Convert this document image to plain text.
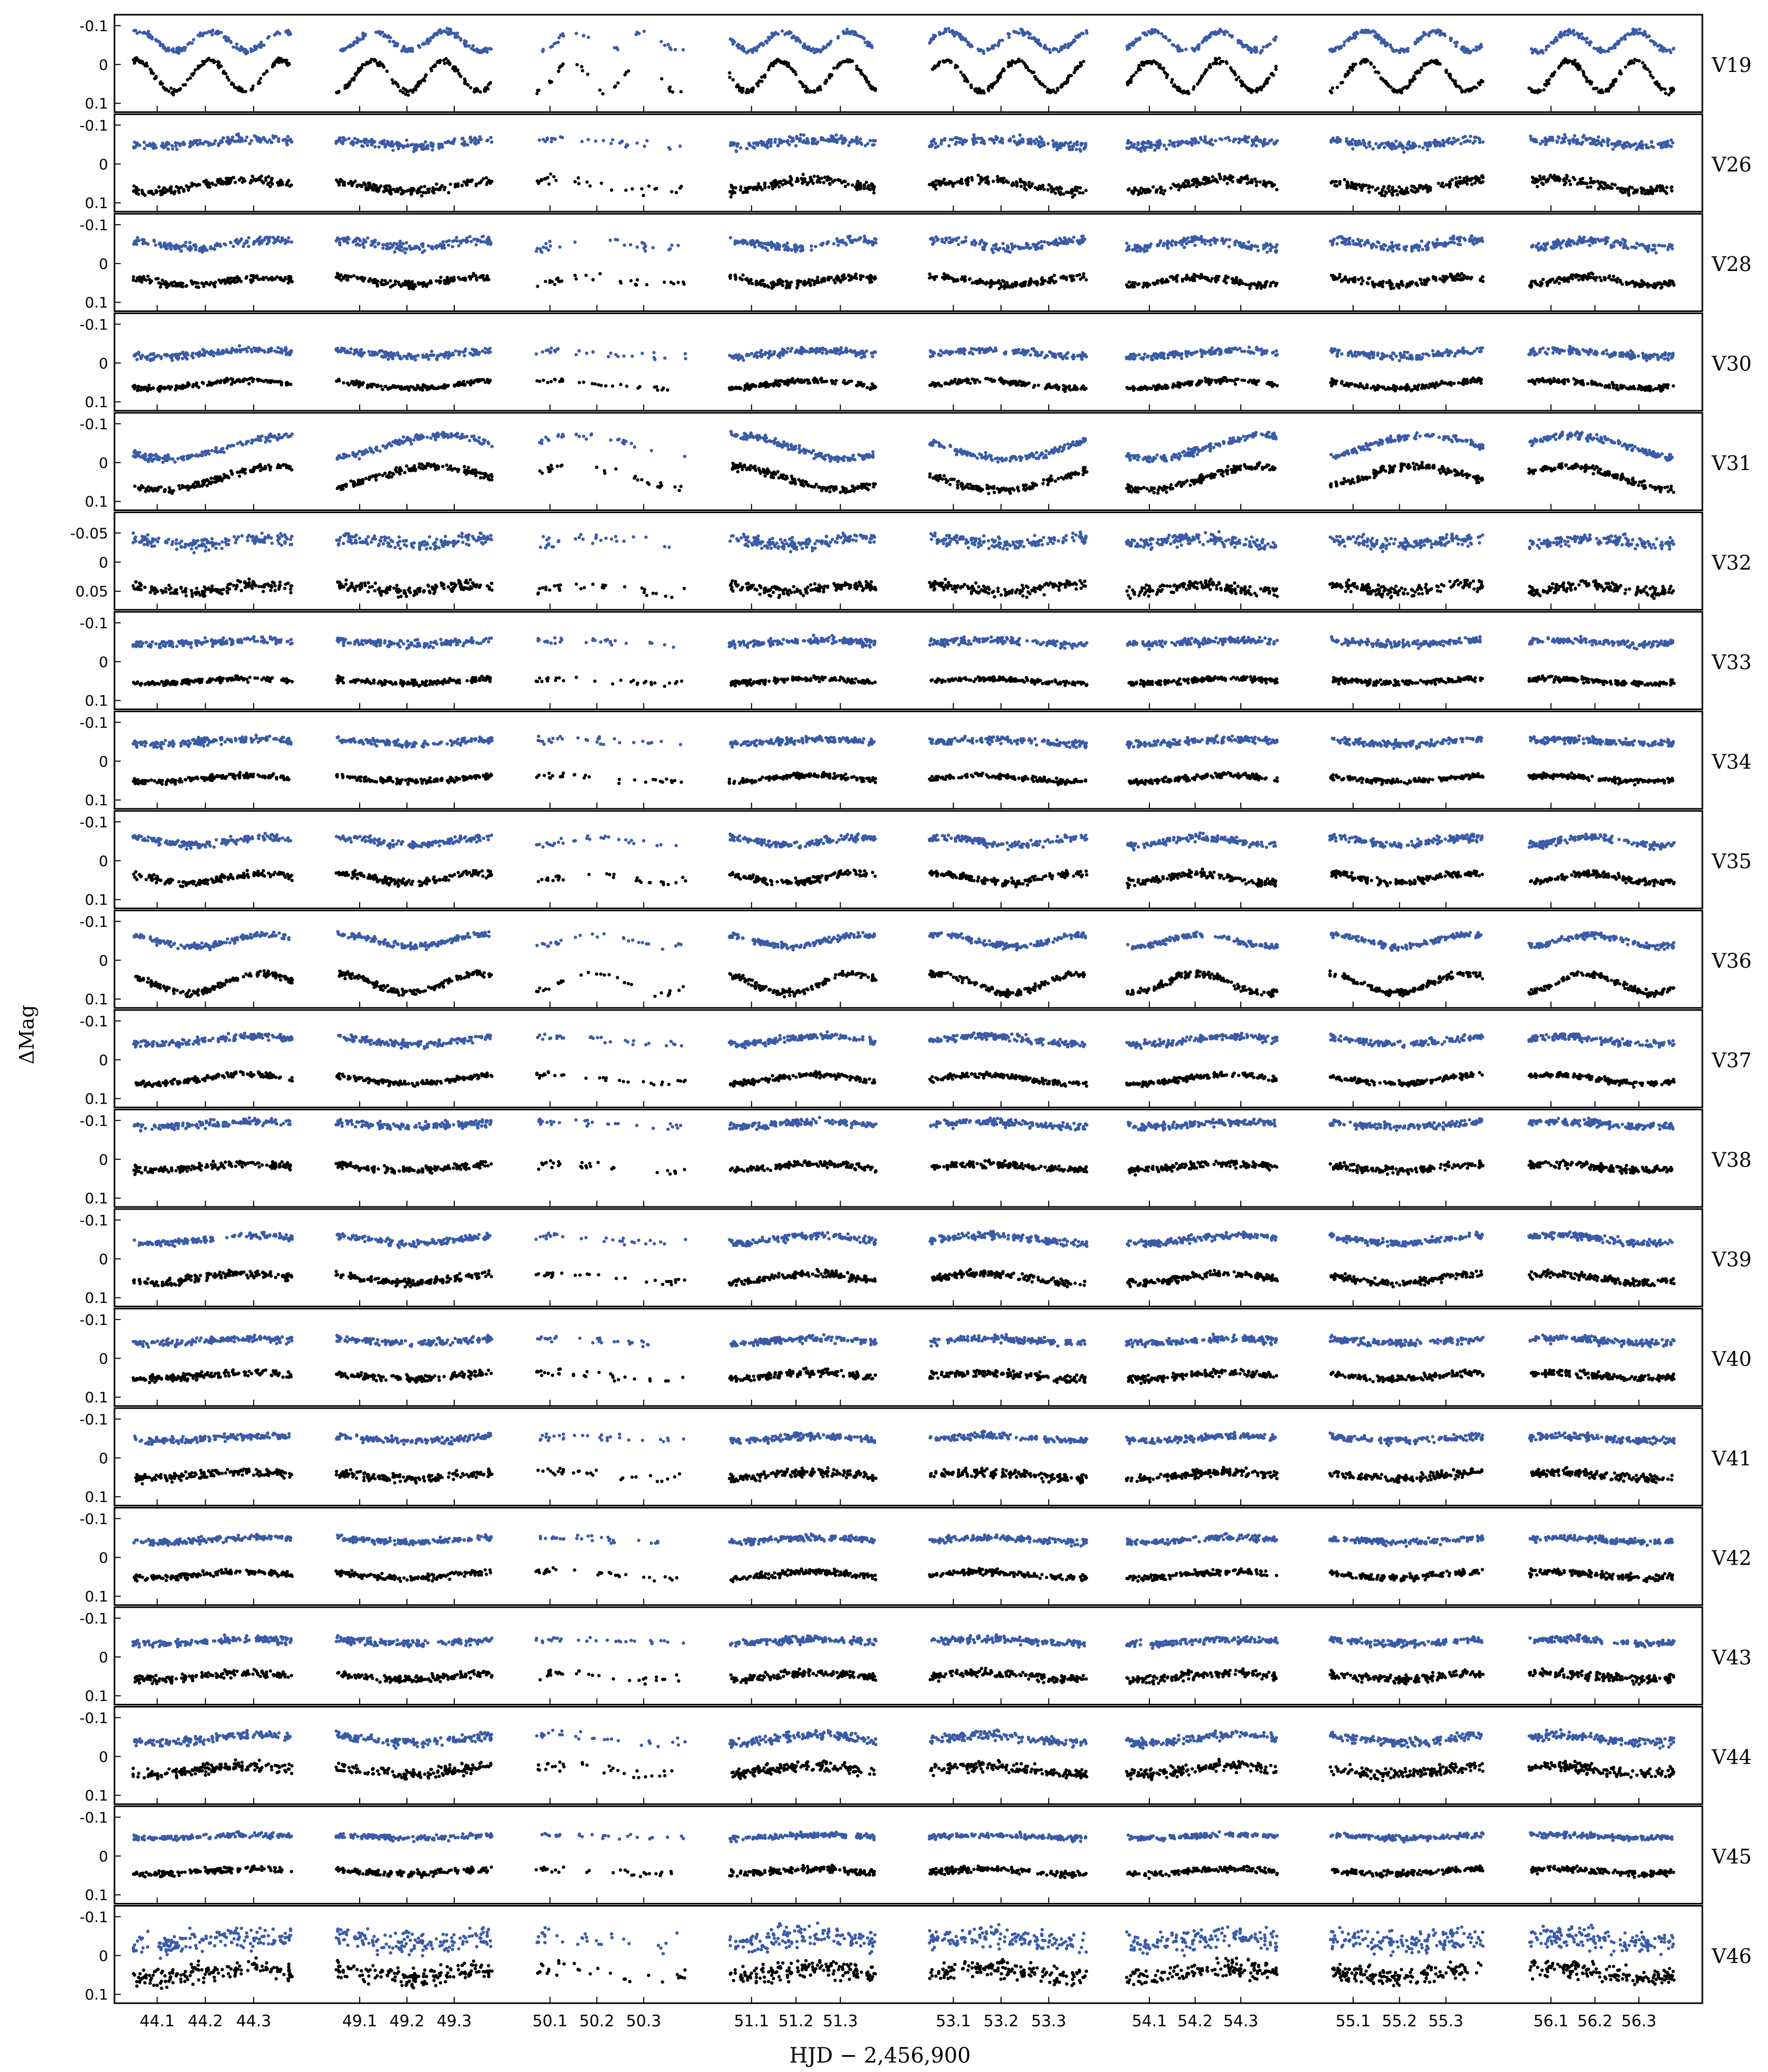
-0.1
0
0.1
V19
-0.1
0
0.1
V26
-0.1
0
0.1
V28
-0.1
0
0.1
V30
-0.1
0
0.1
V31
-0.05
0
0.05
V32
-0.1
0
0.1
V33
-0.1
0
0.1
V34
-0.1
0
0.1
V35
-0.1
0
0.1
V36
-0.1
0
0.1
V37
-0.1
0
0.1
V38
-0.1
0
0.1
V39
-0.1
0
0.1
V40
-0.1
0
0.1
V41
-0.1
0
0.1
V42
-0.1
0
0.1
V43
-0.1
0
0.1
V44
-0.1
0
0.1
V45
-0.1
0
0.1
V46
44.1 44.2 44.3	49.1 49.2 49.3	50.1 50.2 50.3	51.1 51.2 51.3	53.1 53.2 53.3	54.1 54.2 54.3	55.1 55.2 55.3	56.1 56.2 56.3
HJD − 2,456,900
ΔMag
